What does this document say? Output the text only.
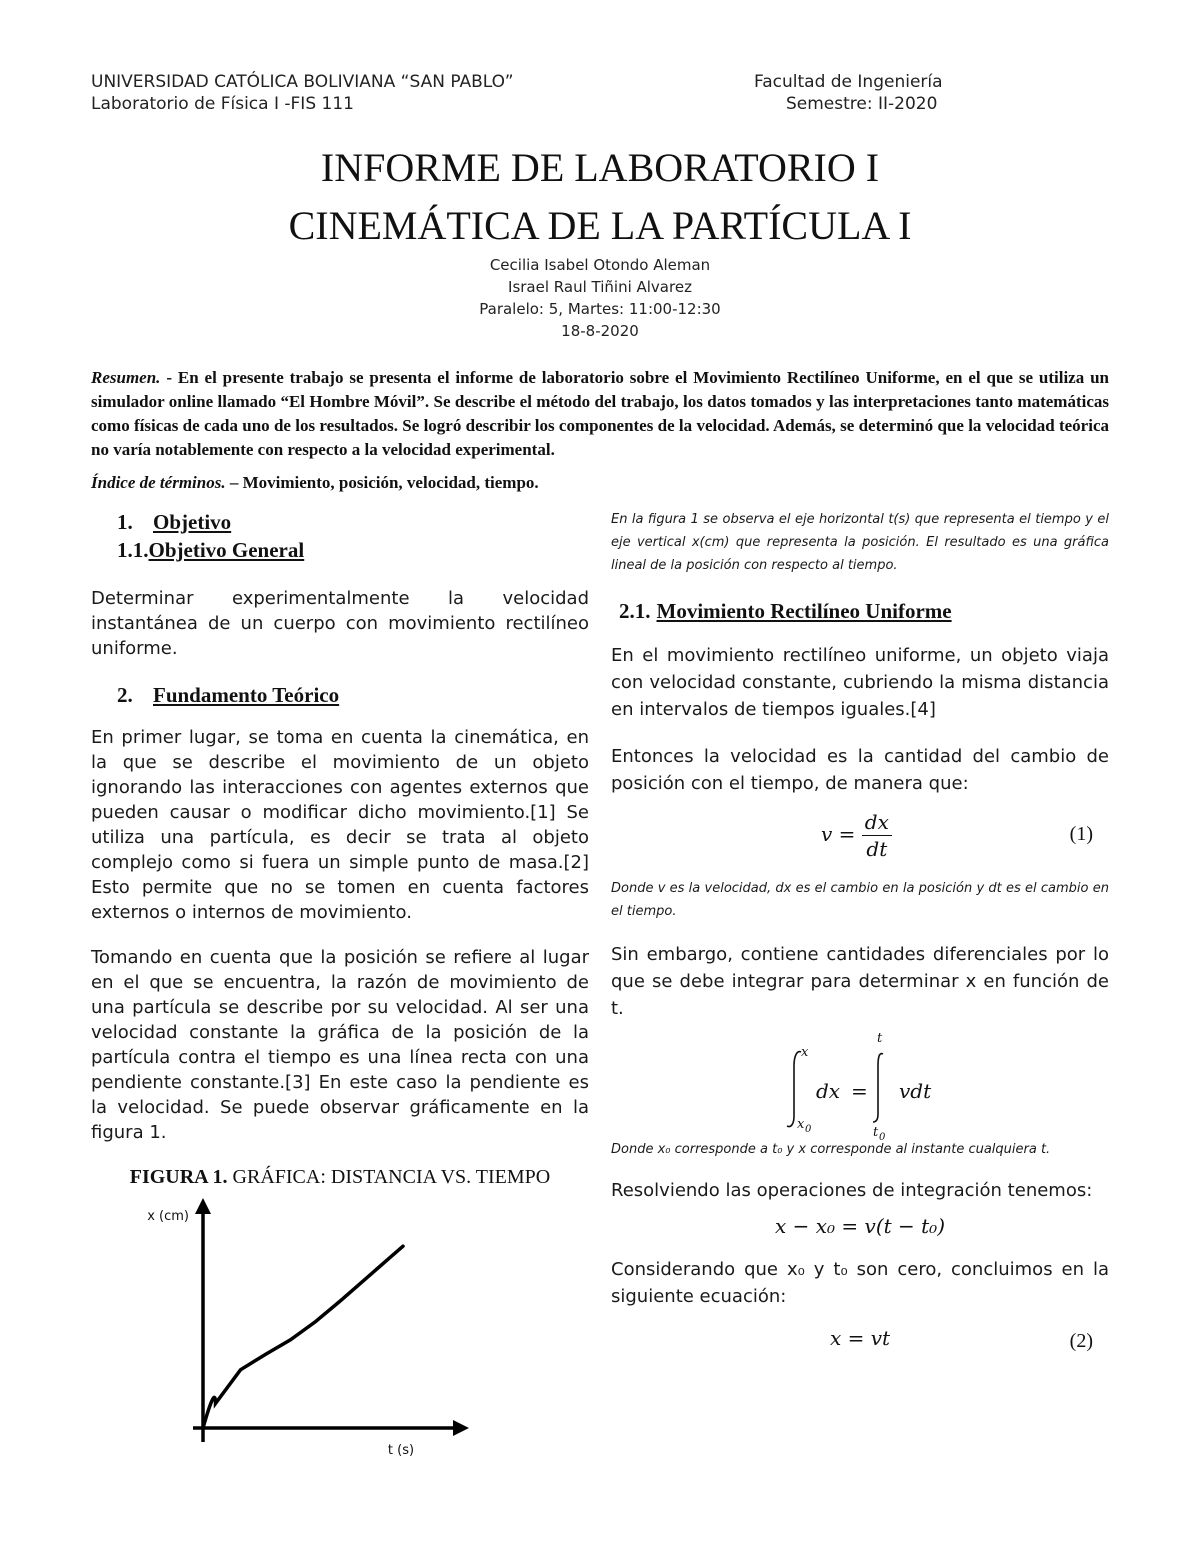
UNIVERSIDAD CATÓLICA BOLIVIANA “SAN PABLO”
Laboratorio de Física I -FIS 111
Facultad de Ingeniería
Semestre: II-2020
INFORME DE LABORATORIO I
CINEMÁTICA DE LA PARTÍCULA I
Cecilia Isabel Otondo Aleman
Israel Raul Tiñini Alvarez
Paralelo: 5, Martes: 11:00-12:30
18-8-2020
Resumen. - En el presente trabajo se presenta el informe de laboratorio sobre el Movimiento Rectilíneo Uniforme, en el que se utiliza un simulador online llamado “El Hombre Móvil”. Se describe el método del trabajo, los datos tomados y las interpretaciones tanto matemáticas como físicas de cada uno de los resultados. Se logró describir los componentes de la velocidad. Además, se determinó que la velocidad teórica no varía notablemente con respecto a la velocidad experimental.
Índice de términos. – Movimiento, posición, velocidad, tiempo.
1. Objetivo
1.1.Objetivo General

Determinar experimentalmente la velocidad instantánea de un cuerpo con movimiento rectilíneo uniforme.

2. Fundamento Teórico

En primer lugar, se toma en cuenta la cinemática, en la que se describe el movimiento de un objeto ignorando las interacciones con agentes externos que pueden causar o modificar dicho movimiento.[1] Se utiliza una partícula, es decir se trata al objeto complejo como si fuera un simple punto de masa.[2] Esto permite que no se tomen en cuenta factores externos o internos de movimiento.

Tomando en cuenta que la posición se refiere al lugar en el que se encuentra, la razón de movimiento de una partícula se describe por su velocidad. Al ser una velocidad constante la gráfica de la posición de la partícula contra el tiempo es una línea recta con una pendiente constante.[3] En este caso la pendiente es la velocidad. Se puede observar gráficamente en la figura 1.

FIGURA 1. GRÁFICA: DISTANCIA VS. TIEMPO
x (cm)
t (s)

En la figura 1 se observa el eje horizontal t(s) que representa el tiempo y el eje vertical x(cm) que representa la posición. El resultado es una gráfica lineal de la posición con respecto al tiempo.

2.1. Movimiento Rectilíneo Uniforme

En el movimiento rectilíneo uniforme, un objeto viaja con velocidad constante, cubriendo la misma distancia en intervalos de tiempos iguales.[4]

Entonces la velocidad es la cantidad del cambio de posición con el tiempo, de manera que:

$v = \frac{dx}{dt}$	(1)

Donde v es la velocidad, dx es el cambio en la posición y dt es el cambio en el tiempo.

Sin embargo, contiene cantidades diferenciales por lo que se debe integrar para determinar x en función de t.

x
x 0
dx =
t
t 0
vdt

Donde x₀ corresponde a t₀ y x corresponde al instante cualquiera t.

Resolviendo las operaciones de integración tenemos:

x − x₀ = v(t − t₀)

Considerando que x₀ y t₀ son cero, concluimos en la siguiente ecuación:

x = vt	(2)
